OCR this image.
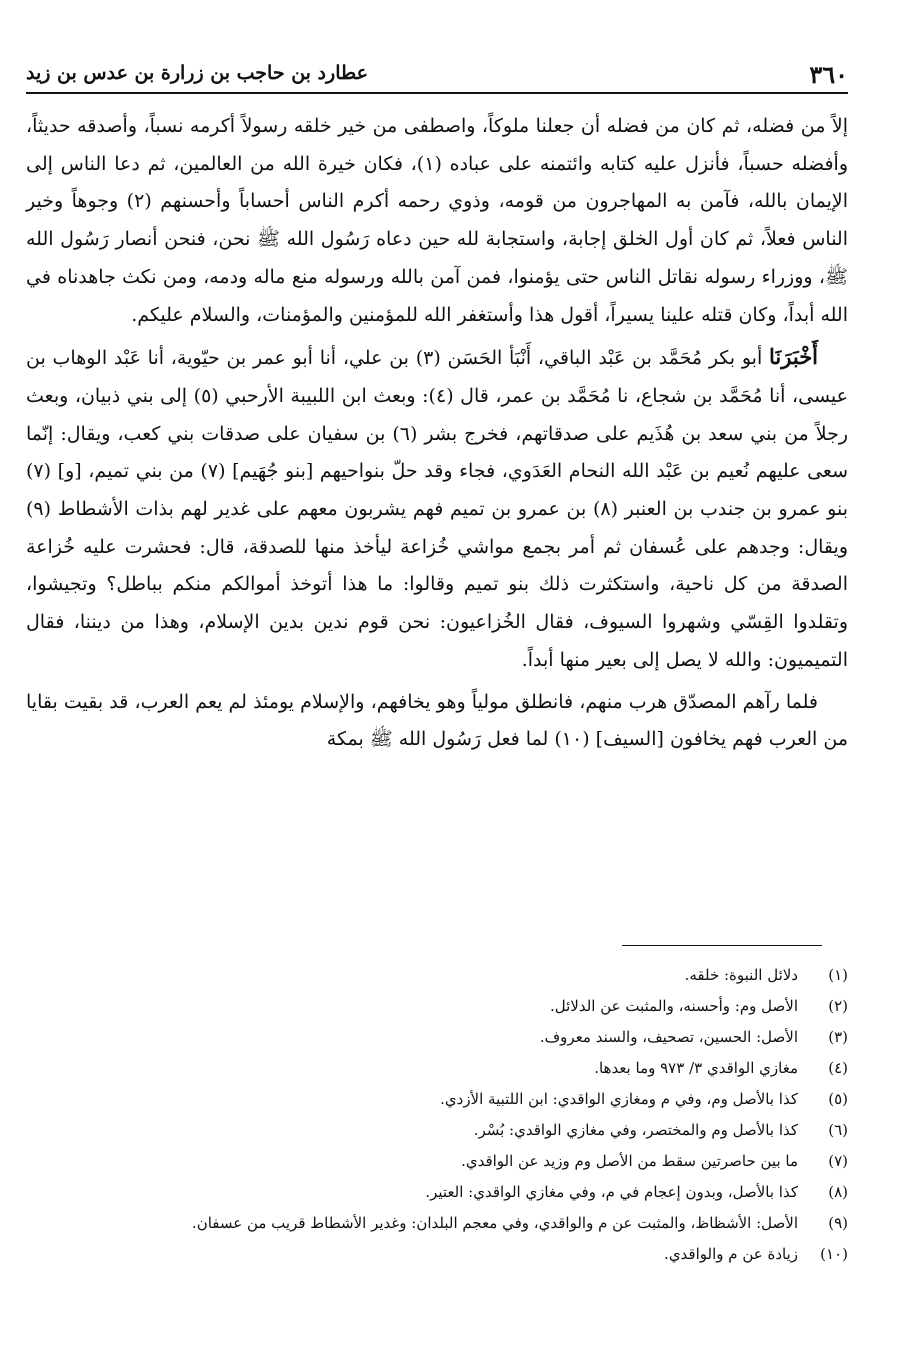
٣٦٠
عطارد بن حاجب بن زرارة بن عدس بن زيد

إلاً من فضله، ثم كان من فضله أن جعلنا ملوكاً، واصطفى من خير خلقه رسولاً أكرمه نسباً، وأصدقه حديثاً، وأفضله حسباً، فأنزل عليه كتابه وائتمنه على عباده (١)، فكان خيرة الله من العالمين، ثم دعا الناس إلى الإيمان بالله، فآمن به المهاجرون من قومه، وذوي رحمه أكرم الناس أحساباً وأحسنهم (٢) وجوهاً وخير الناس فعلاً، ثم كان أول الخلق إجابة، واستجابة لله حين دعاه رَسُول الله ﷺ نحن، فنحن أنصار رَسُول الله ﷺ، ووزراء رسوله نقاتل الناس حتى يؤمنوا، فمن آمن بالله ورسوله منع ماله ودمه، ومن نكث جاهدناه في الله أبداً، وكان قتله علينا يسيراً، أقول هذا وأستغفر الله للمؤمنين والمؤمنات، والسلام عليكم.

أَخْبَرَنَا أبو بكر مُحَمَّد بن عَبْد الباقي، أَنْبَأ الحَسَن (٣) بن علي، أنا أبو عمر بن حيّوية، أنا عَبْد الوهاب بن عيسى، أنا مُحَمَّد بن شجاع، نا مُحَمَّد بن عمر، قال (٤): وبعث ابن اللبيبة الأرحبي (٥) إلى بني ذبيان، وبعث رجلاً من بني سعد بن هُذَيم على صدقاتهم، فخرج بشر (٦) بن سفيان على صدقات بني كعب، ويقال: إنّما سعى عليهم نُعيم بن عَبْد الله النحام العَدَوي، فجاء وقد حلّ بنواحيهم [بنو جُهَيم] (٧) من بني تميم، [و] (٧) بنو عمرو بن جندب بن العنبر (٨) بن عمرو بن تميم فهم يشربون معهم على غدير لهم بذات الأشطاط (٩) ويقال: وجدهم على عُسفان ثم أمر بجمع مواشي خُزاعة ليأخذ منها للصدقة، قال: فحشرت عليه خُزاعة الصدقة من كل ناحية، واستكثرت ذلك بنو تميم وقالوا: ما هذا أتوخذ أموالكم منكم بباطل؟ وتجيشوا، وتقلدوا القِسّي وشهروا السيوف، فقال الخُزاعيون: نحن قوم ندين بدين الإسلام، وهذا من ديننا، فقال التميميون: والله لا يصل إلى بعير منها أبداً.

فلما رآهم المصدّق هرب منهم، فانطلق مولياً وهو يخافهم، والإسلام يومئذ لم يعم العرب، قد بقيت بقايا من العرب فهم يخافون [السيف] (١٠) لما فعل رَسُول الله ﷺ بمكة

(١)
دلائل النبوة: خلقه.
(٢)
الأصل وم: وأحسنه، والمثبت عن الدلائل.
(٣)
الأصل: الحسين، تصحيف، والسند معروف.
(٤)
مغازي الواقدي ٣/ ٩٧٣ وما بعدها.
(٥)
كذا بالأصل وم، وفي م ومغازي الواقدي: ابن اللتبية الأزدي.
(٦)
كذا بالأصل وم والمختصر، وفي مغازي الواقدي: بُسْر.
(٧)
ما بين حاصرتين سقط من الأصل وم وزيد عن الواقدي.
(٨)
كذا بالأصل، وبدون إعجام في م، وفي مغازي الواقدي: العتير.
(٩)
الأصل: الأشظاظ، والمثبت عن م والواقدي، وفي معجم البلدان: وغدير الأشطاط قريب من عسفان.
(١٠)
زيادة عن م والواقدي.
